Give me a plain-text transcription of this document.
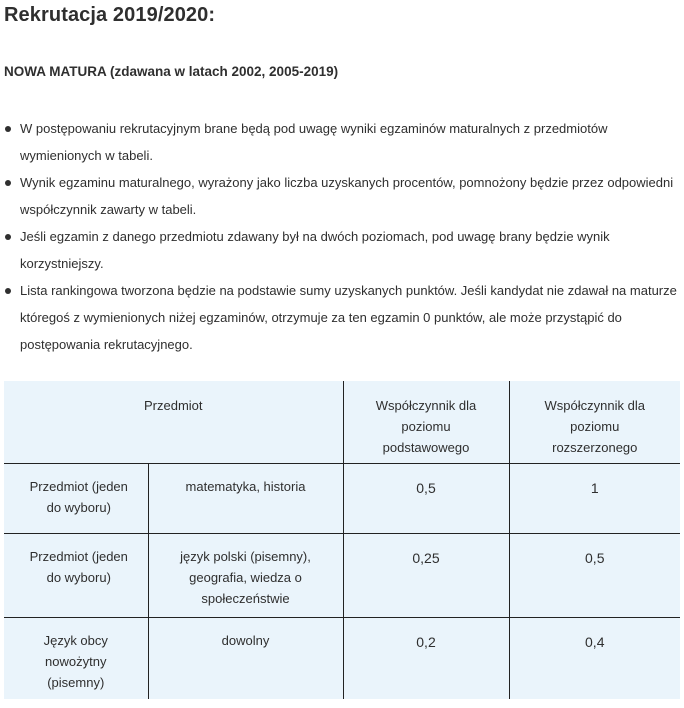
Rekrutacja 2019/2020:
NOWA MATURA (zdawana w latach 2002, 2005-2019)
W postępowaniu rekrutacyjnym brane będą pod uwagę wyniki egzaminów maturalnych z przedmiotów wymienionych w tabeli.
Wynik egzaminu maturalnego, wyrażony jako liczba uzyskanych procentów, pomnożony będzie przez odpowiedni współczynnik zawarty w tabeli.
Jeśli egzamin z danego przedmiotu zdawany był na dwóch poziomach, pod uwagę brany będzie wynik korzystniejszy.
Lista rankingowa tworzona będzie na podstawie sumy uzyskanych punktów. Jeśli kandydat nie zdawał na maturze któregoś z wymienionych niżej egzaminów, otrzymuje za ten egzamin 0 punktów, ale może przystąpić do postępowania rekrutacyjnego.
Przedmiot		Współczynnik dla poziomu podstawowego	Współczynnik dla poziomu rozszerzonego
Przedmiot (jeden do wyboru)	matematyka, historia	0,5	1
Przedmiot (jeden do wyboru)	język polski (pisemny), geografia, wiedza o społeczeństwie	0,25	0,5
Język obcy nowożytny (pisemny)	dowolny	0,2	0,4
